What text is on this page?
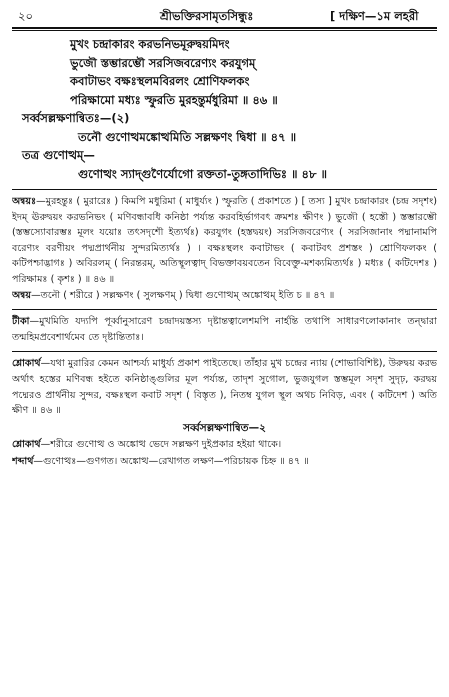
২০	শ্রীভক্তিরসামৃতসিন্ধুঃ	[ দক্ষিণ—১ম লহরী
মুখং চন্দ্রাকারং করভনিভমূরুদ্বয়মিদং
ভুজৌ স্তম্ভারম্ভৌ সরসিজবরেণ্যং করযুগম্
কবাটাভং বক্ষঃস্থলমবিরলং শ্রোণিফলকং
পরিক্ষামো মধ্যঃ স্ফুরতি মুরহন্তুর্মধুরিমা ॥ ৪৬ ॥
সর্ব্বসল্লক্ষণান্বিতঃ—(২)
তনৌ গুণোত্থমঙ্কোত্থমিতি সল্লক্ষণং দ্বিধা ॥ ৪৭ ॥
তত্র গুণোত্থম্—
গুণোত্থং স্যাদ্‌গুণৈর্যোগো রক্ততা-তুঙ্গতাদিভিঃ ॥ ৪৮ ॥

অন্বয়ঃ—মুরহন্তুঃ ( মুরারেঃ ) কিমপি মধুরিমা ( মাধুর্য্যং ) স্ফুরতি ( প্রকাশতে ) [ তস্য ] মুখং চন্দ্রাকারং (চন্দ্র সদৃশং) ইদম্ ঊরুদ্বয়ং করভনিভং ( মণিবন্ধাবধি কনিষ্ঠা পর্য্যন্ত করবহির্ভাগবৎ ক্রমশঃ ক্ষীণং ) ভুজৌ ( হস্তৌ ) স্তম্ভারম্ভৌ (স্তম্ভস্যোবারম্ভঃ মূলং যয়োঃ তৎসদৃশৌ ইত্যর্থঃ) করযুগং (হস্তদ্বয়ং) সরসিজবরেণ্যং ( সরসিজানাং পদ্মানামপি বরেণ্যং বরণীয়ং পদ্মপ্রার্থনীয় সুন্দরমিত্যর্থঃ ) । বক্ষঃস্থলং কবাটাভং ( কবাটবৎ প্রশস্তং ) শ্রোণিফলকং ( কটিপশ্চাদ্ভাগঃ ) অবিরলম্ ( নিরন্তরম্, অতিস্থূলত্বাদ্ বিভক্তাবয়বতেন বিবেক্তু-মশক্যমিত্যর্থঃ ) মধ্যঃ ( কটিদেশঃ ) পরিক্ষামঃ ( কৃশঃ ) ॥ ৪৬ ॥

অন্বয়—তনৌ ( শরীরে ) সল্লক্ষণং ( সুলক্ষণম্ ) দ্বিধা গুণোত্থম্ অঙ্কোত্থম্ ইতি চ ॥ ৪৭ ॥

টীকা—মুখমিতি যদ্যপি পূর্ব্বানুসারেণ চন্দ্রাদয়স্তস্য দৃষ্টান্তত্বালেশমপি নার্হন্তি তথাপি সাধারণলোকানাং তন্দ্বারা তন্মহিমপ্রবেশার্থমেব তে দৃষ্টান্তিতাঃ।

শ্লোকার্থ—যথা মুরারির কেমন আশ্চর্য্য মাধুর্য্য প্রকাশ পাইতেছে। তাঁহার মুখ চন্দ্রের ন্যায় (শোভাবিশিষ্ট), উরুদ্বয় করভ অর্থাৎ হস্তের মণিবন্ধ হইতে কনিষ্ঠাঙ্গুলির মূল পর্য্যন্ত, তাদৃশ সুগোল, ভুজযুগল স্তম্ভমূল সদৃশ সুদৃঢ়, করদ্বয় পদ্মেরও প্রার্থনীয় সুন্দর, বক্ষঃস্থল কবাট সদৃশ ( বিস্তৃত ), নিতম্ব যুগল স্থূল অথচ নিবিড়, এবং ( কটিদেশ ) অতি ক্ষীণ ॥ ৪৬ ॥

সর্ব্বসল্লক্ষণান্বিত—২

শ্লোকার্থ—শরীরে গুণোত্থ ও অঙ্কোত্থ ভেদে সল্লক্ষণ দুইপ্রকার হইয়া থাকে।

শব্দার্থ—গুণোত্থঃ—গুণগত। অঙ্কোত্থ—রেখাগত লক্ষণ—পরিচায়ক চিহ্ন ॥ ৪৭ ॥
